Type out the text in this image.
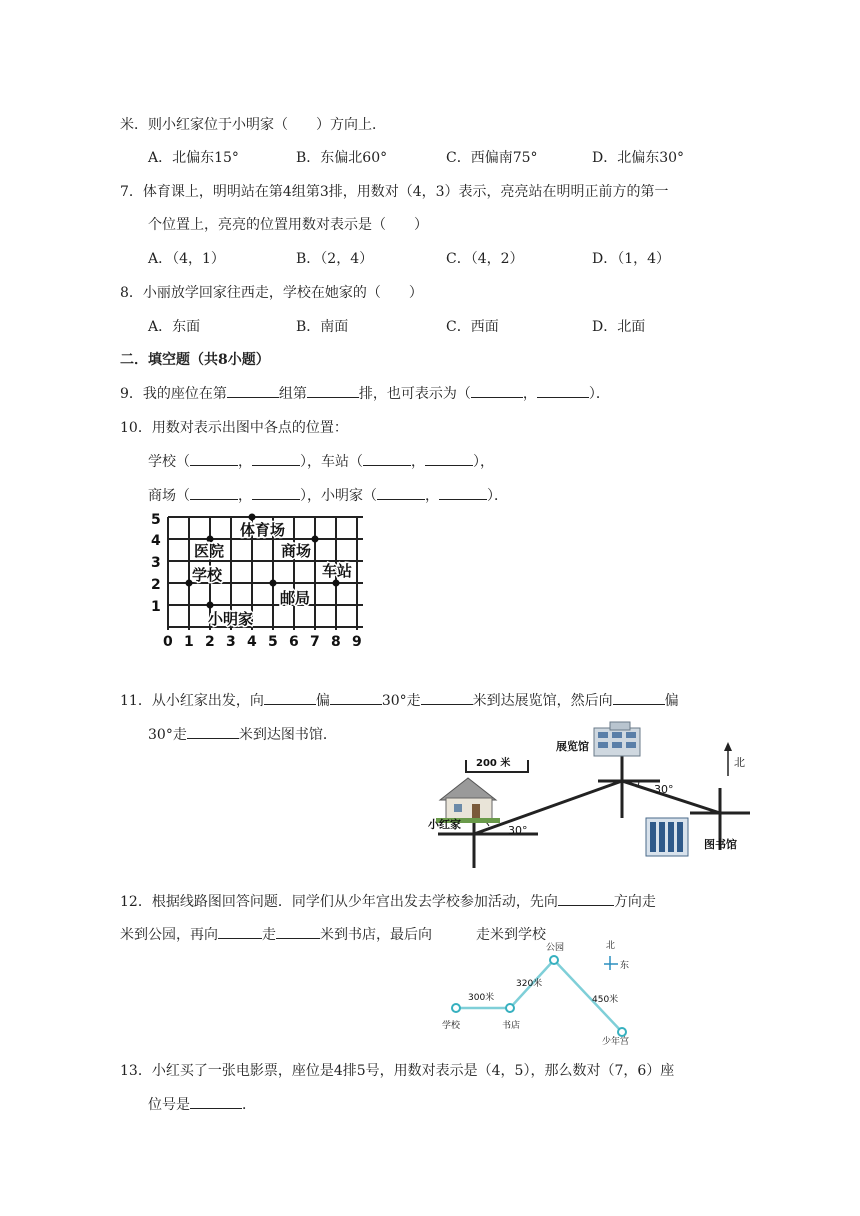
米．则小红家位于小明家（　　）方向上．
A．北偏东15°	B．东偏北60°	C．西偏南75°	D．北偏东30°
7．体育课上，明明站在第4组第3排，用数对（4，3）表示，亮亮站在明明正前方的第一
个位置上，亮亮的位置用数对表示是（　　）
A．（4，1）	B．（2，4）	C．（4，2）	D．（1，4）
8．小丽放学回家往西走，学校在她家的（　　）
A．东面	B．南面	C．西面	D．北面
二．填空题（共8小题）
9．我的座位在第	组第	排，也可表示为（	，	）．
10．用数对表示出图中各点的位置：
学校（	，	），车站（	，	），
商场（	，	），小明家（	，	）．
0 1 2 3 4 5 6 7 8 9
1
2
3
4
5
体育场
医院	商场
学校	车站
邮局
小明家
11．从小红家出发，向	偏	30°走	米到达展览馆，然后向	偏
30°走	米到达图书馆．
200 米	北
小红家
展览馆
图书馆
30°
30°
12．根据线路图回答问题．同学们从少年宫出发去学校参加活动，先向	方向走
米到公园，再向	走	米到书店，最后向	走米到学校
公园
学校	书店
300米
320米
450米
北
东
少年宫
13．小红买了一张电影票，座位是4排5号，用数对表示是（4，5），那么数对（7，6）座
位号是	．
